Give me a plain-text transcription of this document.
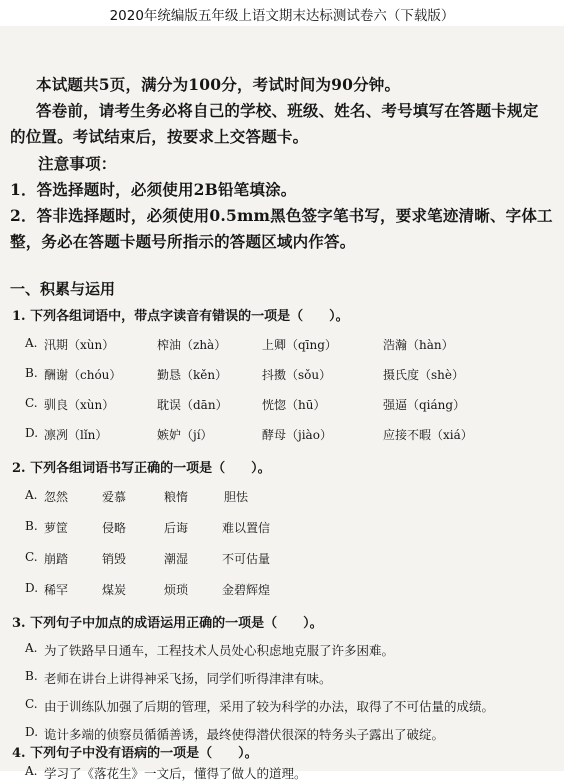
2020年统编版五年级上语文期末达标测试卷六（下载版）
本试题共5页，满分为100分，考试时间为90分钟。
答卷前，请考生务必将自己的学校、班级、姓名、考号填写在答题卡规定
的位置。考试结束后，按要求上交答题卡。
注意事项：
1．答选择题时，必须使用2B铅笔填涂。
2．答非选择题时，必须使用0.5mm黑色签字笔书写，要求笔迹清晰、字体工
整，务必在答题卡题号所指示的答题区域内作答。
一、积累与运用
1. 下列各组词语中，带点字读音有错误的一项是（　　）。
A. 汛期（xùn）	榨油（zhà）	上卿（qīng）	浩瀚（hàn）
B. 酬谢（chóu）	勤恳（kěn）	抖擞（sǒu）	摄氏度（shè）
C. 驯良（xùn）	耽误（dān）	恍惚（hū）	强逼（qiáng）
D. 凛冽（lǐn）	嫉妒（jí）	酵母（jiào）	应接不暇（xiá）
2. 下列各组词语书写正确的一项是（　　）。
A. 忽然	爱慕	粮惰	胆怯
B. 萝筐	侵略	后诲	难以置信
C. 崩踏	销毁	潮湿	不可估量
D. 稀罕	煤炭	烦琐	金碧辉煌
3. 下列句子中加点的成语运用正确的一项是（　　）。
A. 为了铁路早日通车，工程技术人员处心积虑地克服了许多困难。
B. 老师在讲台上讲得神采飞扬，同学们听得津津有味。
C. 由于训练队加强了后期的管理，采用了较为科学的办法，取得了不可估量的成绩。
D. 诡计多端的侦察员循循善诱，最终使得潜伏很深的特务头子露出了破绽。
4. 下列句子中没有语病的一项是（　　）。
A. 学习了《落花生》一文后，懂得了做人的道理。
